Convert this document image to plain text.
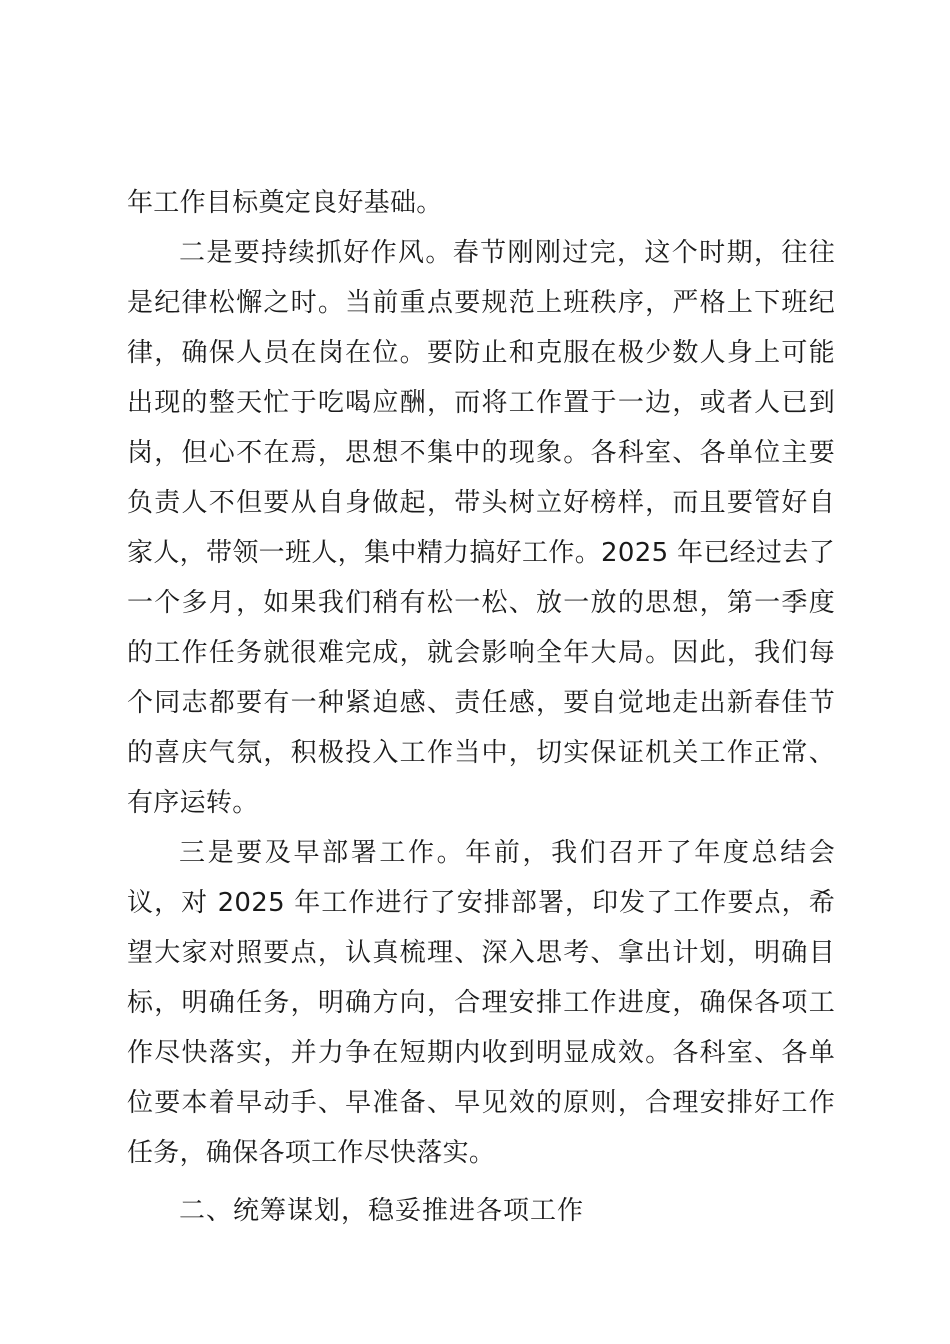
年工作目标奠定良好基础。

二是要持续抓好作风。春节刚刚过完，这个时期，往往是纪律松懈之时。当前重点要规范上班秩序，严格上下班纪律，确保人员在岗在位。要防止和克服在极少数人身上可能出现的整天忙于吃喝应酬，而将工作置于一边，或者人已到岗，但心不在焉，思想不集中的现象。各科室、各单位主要负责人不但要从自身做起，带头树立好榜样，而且要管好自家人，带领一班人，集中精力搞好工作。2025 年已经过去了一个多月，如果我们稍有松一松、放一放的思想，第一季度的工作任务就很难完成，就会影响全年大局。因此，我们每个同志都要有一种紧迫感、责任感，要自觉地走出新春佳节的喜庆气氛，积极投入工作当中，切实保证机关工作正常、有序运转。

三是要及早部署工作。年前，我们召开了年度总结会议，对 2025 年工作进行了安排部署，印发了工作要点，希望大家对照要点，认真梳理、深入思考、拿出计划，明确目标，明确任务，明确方向，合理安排工作进度，确保各项工作尽快落实，并力争在短期内收到明显成效。各科室、各单位要本着早动手、早准备、早见效的原则，合理安排好工作任务，确保各项工作尽快落实。

二、统筹谋划，稳妥推进各项工作
